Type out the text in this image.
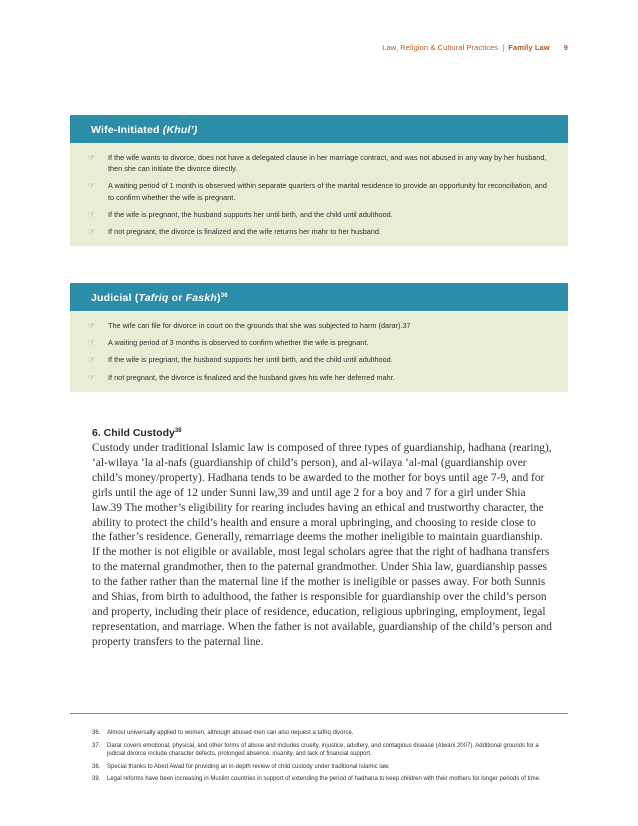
Law, Religion & Cultural Practices | Family Law 9
Wife-Initiated (Khul’)
☞ If the wife wants to divorce, does not have a delegated clause in her marriage contract, and was not abused in any way by her husband, then she can initiate the divorce directly.
☞ A waiting period of 1 month is observed within separate quarters of the marital residence to provide an opportunity for reconciliation, and to confirm whether the wife is pregnant.
☞ If the wife is pregnant, the husband supports her until birth, and the child until adulthood.
☞ If not pregnant, the divorce is finalized and the wife returns her mahr to her husband.
Judicial (Tafriq or Faskh)$^{36}$
☞ The wife can file for divorce in court on the grounds that she was subjected to harm (darar).37
☞ A waiting period of 3 months is observed to confirm whether the wife is pregnant.
☞ If the wife is pregnant, the husband supports her until birth, and the child until adulthood.
☞ If not pregnant, the divorce is finalized and the husband gives his wife her deferred mahr.
6. Child Custody$^{38}$

Custody under traditional Islamic law is composed of three types of guardianship, hadhana (rearing), ‘al-wilaya ‘la al-nafs (guardianship of child’s person), and al-wilaya ‘al-mal (guardianship over child’s money/property). Hadhana tends to be awarded to the mother for boys until age 7-9, and for girls until the age of 12 under Sunni law,39 and until age 2 for a boy and 7 for a girl under Shia law.39 The mother’s eligibility for rearing includes having an ethical and trustworthy character, the ability to protect the child’s health and ensure a moral upbringing, and choosing to reside close to the father’s residence. Generally, remarriage deems the mother ineligible to maintain guardianship. If the mother is not eligible or available, most legal scholars agree that the right of hadhana transfers to the maternal grandmother, then to the paternal grandmother. Under Shia law, guardianship passes to the father rather than the maternal line if the mother is ineligible or passes away. For both Sunnis and Shias, from birth to adulthood, the father is responsible for guardianship over the child’s person and property, including their place of residence, education, religious upbringing, employment, legal representation, and marriage. When the father is not available, guardianship of the child’s person and property transfers to the paternal line.

36. Almost universally applied to women, although abused men can also request a tafriq divorce.
37. Darar covers emotional, physical, and other forms of abuse and includes cruelty, injustice, adultery, and contagious disease (Alwani 2007). Additional grounds for a judicial divorce include character defects, prolonged absence, insanity, and lack of financial support.
38. Special thanks to Abed Awad for providing an in-depth review of child custody under traditional Islamic law.
39. Legal reforms have been increasing in Muslim countries in support of extending the period of hadhana to keep children with their mothers for longer periods of time.
